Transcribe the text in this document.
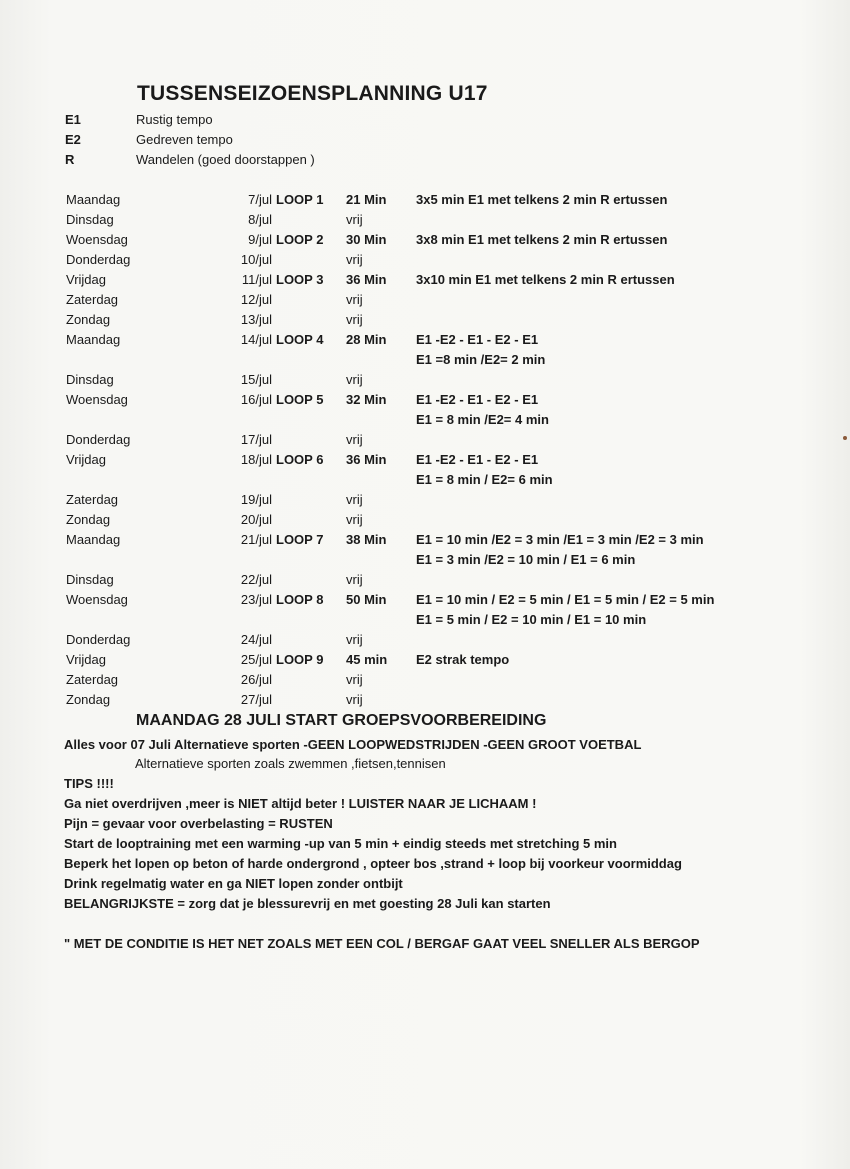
TUSSENSEIZOENSPLANNING U17
E1	Rustig tempo
E2	Gedreven tempo
R	Wandelen (goed doorstappen )
Maandag	7/jul LOOP 1 21 Min 3x5 min E1 met telkens 2 min R ertussen
Dinsdag	8/jul	vrij
Woensdag	9/jul LOOP 2 30 Min 3x8 min E1 met telkens 2 min R ertussen
Donderdag	10/jul	vrij
Vrijdag	11/jul LOOP 3 36 Min 3x10 min E1 met telkens 2 min R ertussen
Zaterdag	12/jul	vrij
Zondag	13/jul	vrij
Maandag	14/jul LOOP 4 28 Min E1 -E2 - E1 - E2 - E1
E1 =8 min /E2= 2 min
Dinsdag	15/jul	vrij
Woensdag	16/jul LOOP 5 32 Min E1 -E2 - E1 - E2 - E1
E1 = 8 min /E2= 4 min
Donderdag	17/jul	vrij
Vrijdag	18/jul LOOP 6 36 Min E1 -E2 - E1 - E2 - E1
E1 = 8 min / E2= 6 min
Zaterdag	19/jul	vrij
Zondag	20/jul	vrij
Maandag	21/jul LOOP 7 38 Min E1 = 10 min /E2 = 3 min /E1 = 3 min /E2 = 3 min
E1 = 3 min /E2 = 10 min / E1 = 6 min
Dinsdag	22/jul	vrij
Woensdag	23/jul LOOP 8 50 Min E1 = 10 min / E2 = 5 min / E1 = 5 min / E2 = 5 min
E1 = 5 min / E2 = 10 min / E1 = 10 min
Donderdag	24/jul	vrij
Vrijdag	25/jul LOOP 9 45 min E2 strak tempo
Zaterdag	26/jul	vrij
Zondag	27/jul	vrij
MAANDAG 28 JULI START GROEPSVOORBEREIDING
Alles voor 07 Juli Alternatieve sporten -GEEN LOOPWEDSTRIJDEN -GEEN GROOT VOETBAL
Alternatieve sporten zoals zwemmen ,fietsen,tennisen
TIPS !!!!
Ga niet overdrijven ,meer is NIET altijd beter ! LUISTER NAAR JE LICHAAM !
Pijn = gevaar voor overbelasting = RUSTEN
Start de looptraining met een warming -up van 5 min + eindig steeds met stretching 5 min
Beperk het lopen op beton of harde ondergrond , opteer bos ,strand + loop bij voorkeur voormiddag
Drink regelmatig water en ga NIET lopen zonder ontbijt
BELANGRIJKSTE = zorg dat je blessurevrij en met goesting 28 Juli kan starten
" MET DE CONDITIE IS HET NET ZOALS MET EEN COL / BERGAF GAAT VEEL SNELLER ALS BERGOP
